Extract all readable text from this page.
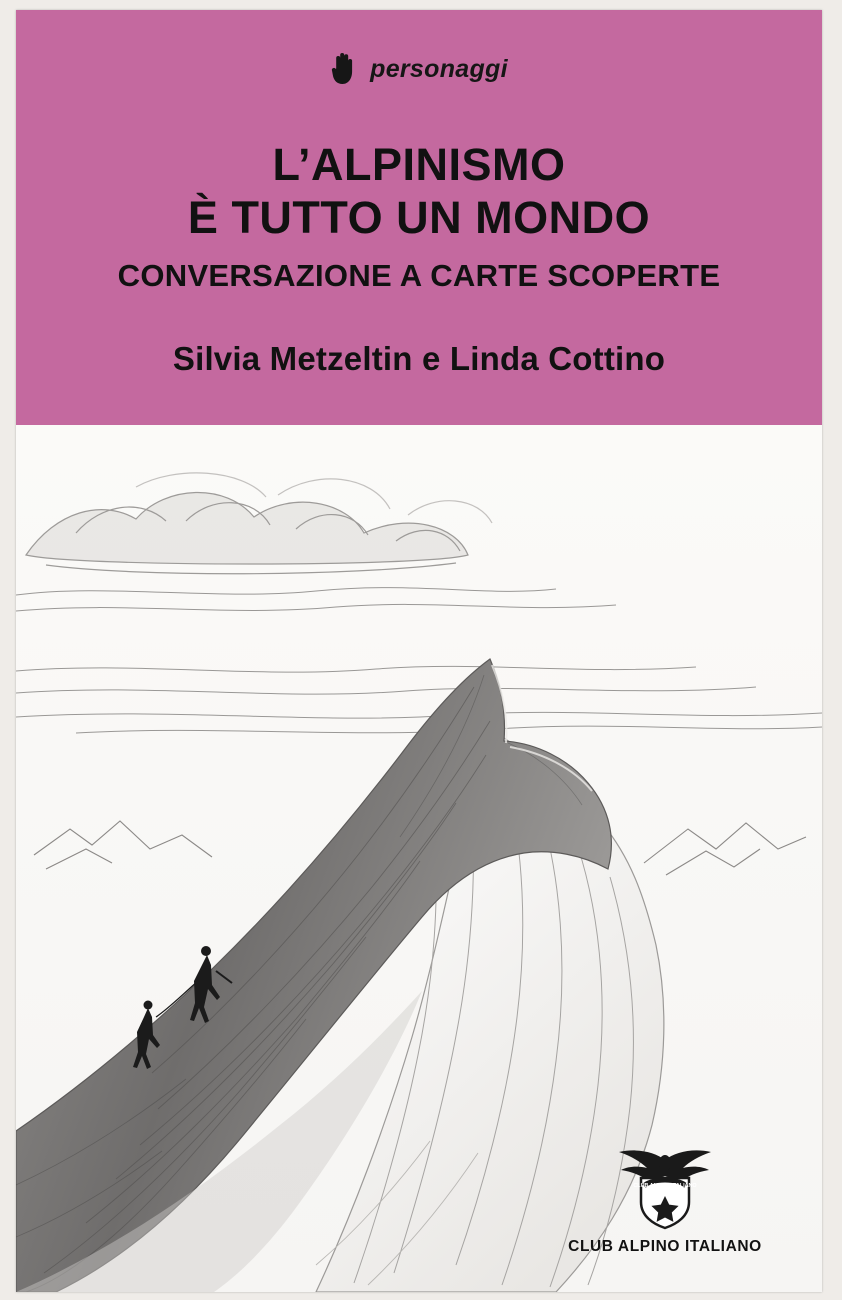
personaggi
L’ALPINISMO
È TUTTO UN MONDO
CONVERSAZIONE A CARTE SCOPERTE
Silvia Metzeltin e Linda Cottino
CLUB ALPINO ITALIANO
CLUB ALPINO ITALIANO
